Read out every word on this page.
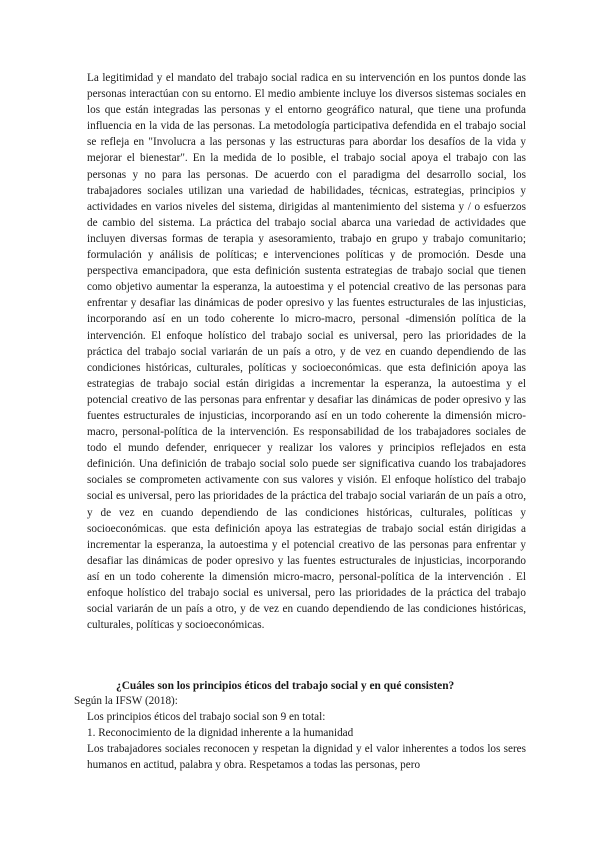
La legitimidad y el mandato del trabajo social radica en su intervención en los puntos donde las personas interactúan con su entorno. El medio ambiente incluye los diversos sistemas sociales en los que están integradas las personas y el entorno geográfico natural, que tiene una profunda influencia en la vida de las personas. La metodología participativa defendida en el trabajo social se refleja en "Involucra a las personas y las estructuras para abordar los desafíos de la vida y mejorar el bienestar". En la medida de lo posible, el trabajo social apoya el trabajo con las personas y no para las personas. De acuerdo con el paradigma del desarrollo social, los trabajadores sociales utilizan una variedad de habilidades, técnicas, estrategias, principios y actividades en varios niveles del sistema, dirigidas al mantenimiento del sistema y / o esfuerzos de cambio del sistema. La práctica del trabajo social abarca una variedad de actividades que incluyen diversas formas de terapia y asesoramiento, trabajo en grupo y trabajo comunitario; formulación y análisis de políticas; e intervenciones políticas y de promoción. Desde una perspectiva emancipadora, que esta definición sustenta estrategias de trabajo social que tienen como objetivo aumentar la esperanza, la autoestima y el potencial creativo de las personas para enfrentar y desafiar las dinámicas de poder opresivo y las fuentes estructurales de las injusticias, incorporando así en un todo coherente lo micro-macro, personal -dimensión política de la intervención. El enfoque holístico del trabajo social es universal, pero las prioridades de la práctica del trabajo social variarán de un país a otro, y de vez en cuando dependiendo de las condiciones históricas, culturales, políticas y socioeconómicas. que esta definición apoya las estrategias de trabajo social están dirigidas a incrementar la esperanza, la autoestima y el potencial creativo de las personas para enfrentar y desafiar las dinámicas de poder opresivo y las fuentes estructurales de injusticias, incorporando así en un todo coherente la dimensión micro-macro, personal-política de la intervención. Es responsabilidad de los trabajadores sociales de todo el mundo defender, enriquecer y realizar los valores y principios reflejados en esta definición. Una definición de trabajo social solo puede ser significativa cuando los trabajadores sociales se comprometen activamente con sus valores y visión. El enfoque holístico del trabajo social es universal, pero las prioridades de la práctica del trabajo social variarán de un país a otro, y de vez en cuando dependiendo de las condiciones históricas, culturales, políticas y socioeconómicas. que esta definición apoya las estrategias de trabajo social están dirigidas a incrementar la esperanza, la autoestima y el potencial creativo de las personas para enfrentar y desafiar las dinámicas de poder opresivo y las fuentes estructurales de injusticias, incorporando así en un todo coherente la dimensión micro-macro, personal-política de la intervención . El enfoque holístico del trabajo social es universal, pero las prioridades de la práctica del trabajo social variarán de un país a otro, y de vez en cuando dependiendo de las condiciones históricas, culturales, políticas y socioeconómicas.

¿Cuáles son los principios éticos del trabajo social y en qué consisten?

Según la IFSW (2018):

Los principios éticos del trabajo social son 9 en total:

1. Reconocimiento de la dignidad inherente a la humanidad

Los trabajadores sociales reconocen y respetan la dignidad y el valor inherentes a todos los seres humanos en actitud, palabra y obra. Respetamos a todas las personas, pero
